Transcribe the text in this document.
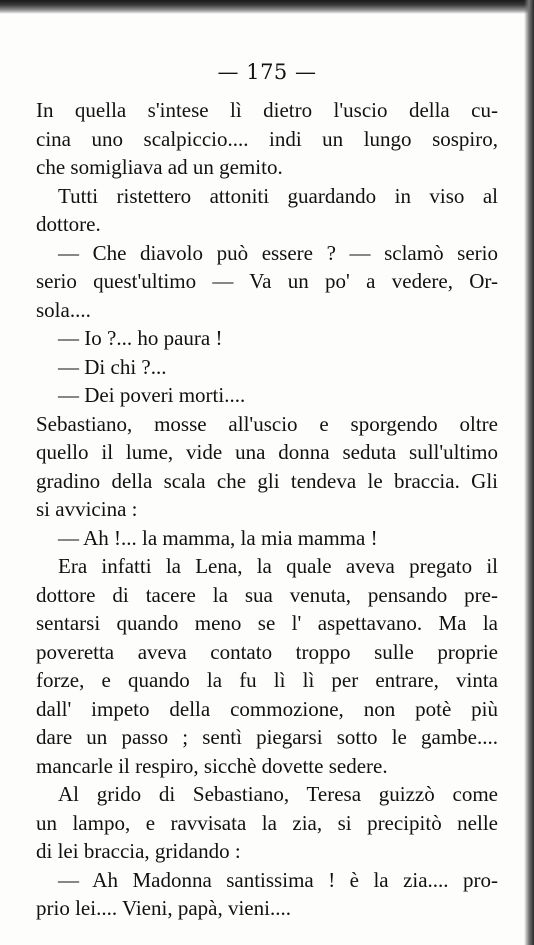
— 175 —
In quella s'intese lì dietro l'uscio della cu-
cina uno scalpiccio.... indi un lungo sospiro,
che somigliava ad un gemito.
Tutti ristettero attoniti guardando in viso al
dottore.
— Che diavolo può essere ? — sclamò serio
serio quest'ultimo — Va un po' a vedere, Or-
sola....
— Io ?... ho paura !
— Di chi ?...
— Dei poveri morti....
Sebastiano, mosse all'uscio e sporgendo oltre
quello il lume, vide una donna seduta sull'ultimo
gradino della scala che gli tendeva le braccia. Gli
si avvicina :
— Ah !... la mamma, la mia mamma !
Era infatti la Lena, la quale aveva pregato il
dottore di tacere la sua venuta, pensando pre-
sentarsi quando meno se l' aspettavano. Ma la
poveretta aveva contato troppo sulle proprie
forze, e quando la fu lì lì per entrare, vinta
dall' impeto della commozione, non potè più
dare un passo ; sentì piegarsi sotto le gambe....
mancarle il respiro, sicchè dovette sedere.
Al grido di Sebastiano, Teresa guizzò come
un lampo, e ravvisata la zia, si precipitò nelle
di lei braccia, gridando :
— Ah Madonna santissima ! è la zia.... pro-
prio lei.... Vieni, papà, vieni....
